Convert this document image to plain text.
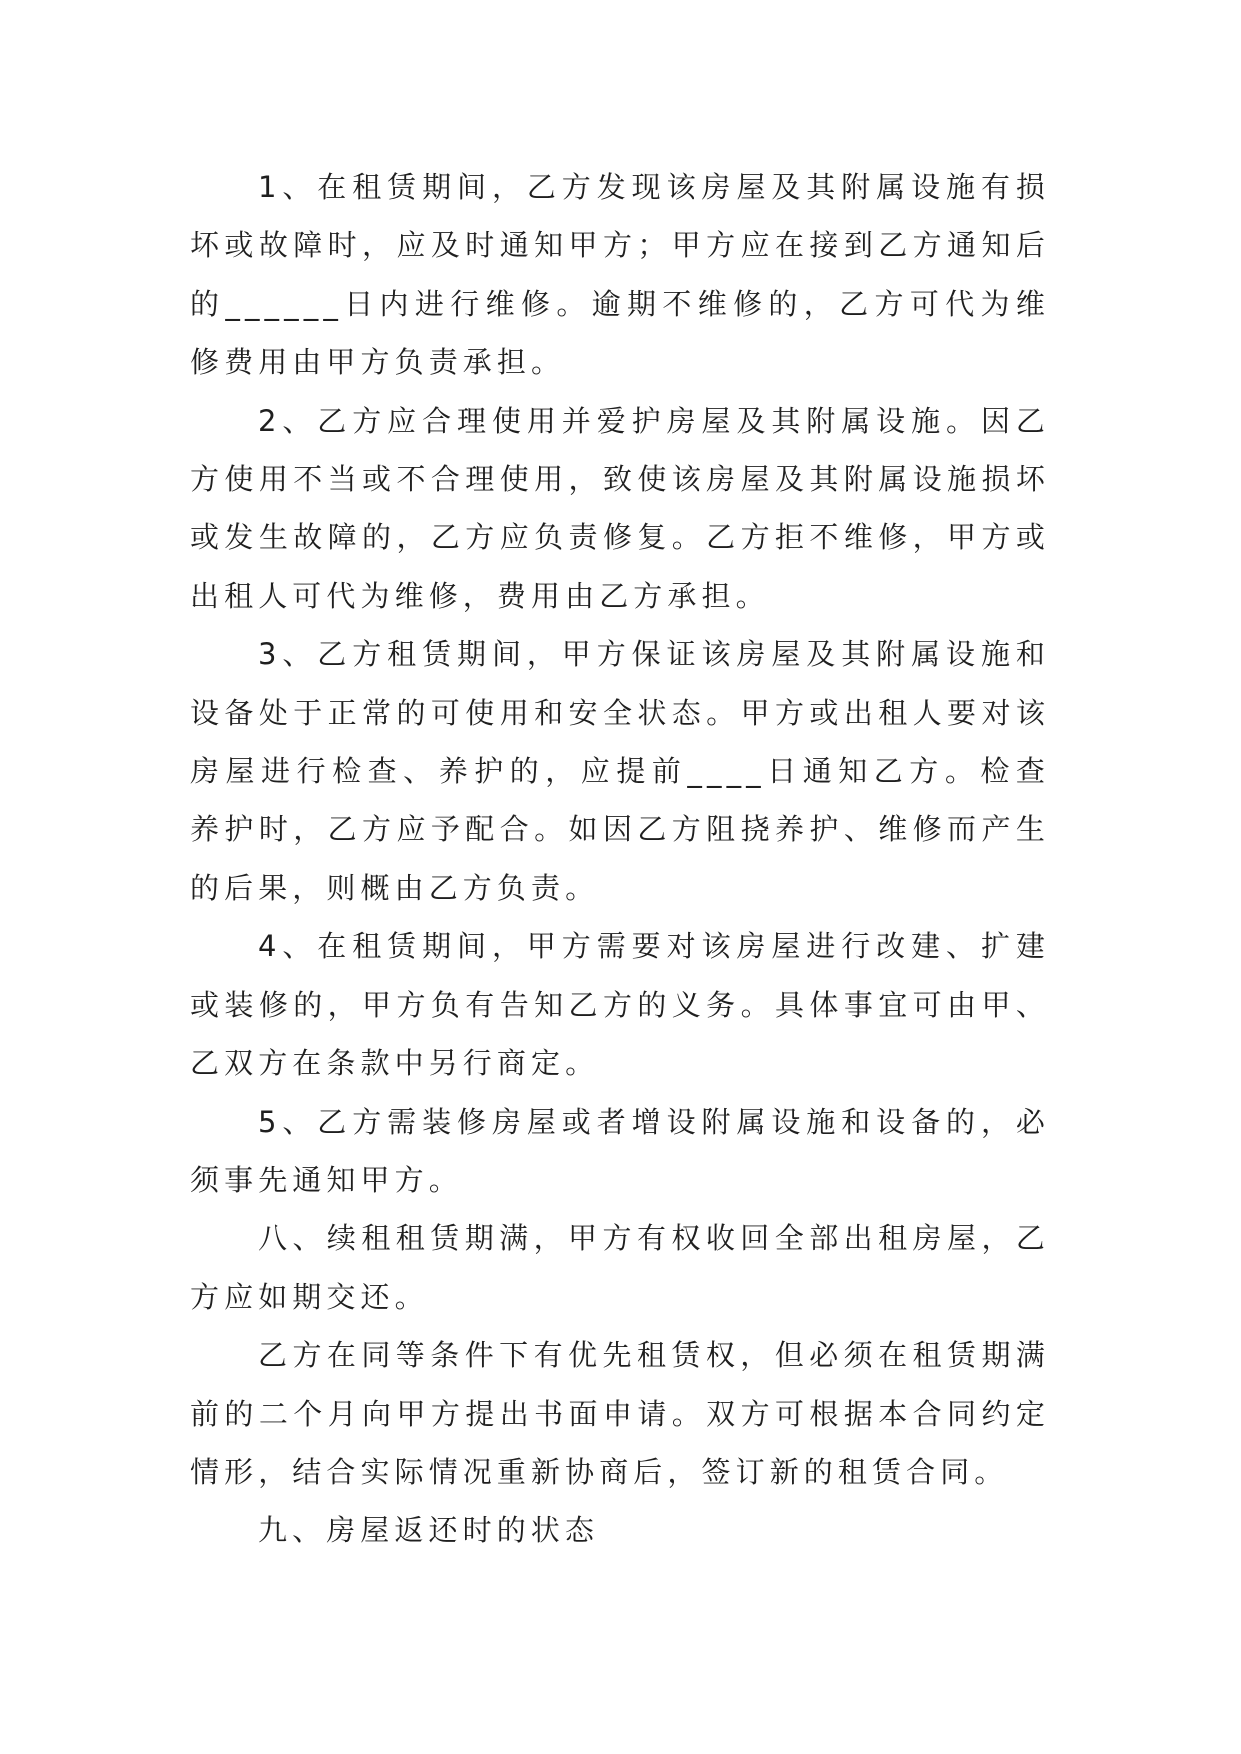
1、在租赁期间，乙方发现该房屋及其附属设施有损坏或故障时，应及时通知甲方；甲方应在接到乙方通知后的______日内进行维修。逾期不维修的，乙方可代为维修费用由甲方负责承担。

2、乙方应合理使用并爱护房屋及其附属设施。因乙方使用不当或不合理使用，致使该房屋及其附属设施损坏或发生故障的，乙方应负责修复。乙方拒不维修，甲方或出租人可代为维修，费用由乙方承担。

3、乙方租赁期间，甲方保证该房屋及其附属设施和设备处于正常的可使用和安全状态。甲方或出租人要对该房屋进行检查、养护的，应提前____日通知乙方。检查养护时，乙方应予配合。如因乙方阻挠养护、维修而产生的后果，则概由乙方负责。

4、在租赁期间，甲方需要对该房屋进行改建、扩建或装修的，甲方负有告知乙方的义务。具体事宜可由甲、乙双方在条款中另行商定。

5、乙方需装修房屋或者增设附属设施和设备的，必须事先通知甲方。

八、续租租赁期满，甲方有权收回全部出租房屋，乙方应如期交还。

乙方在同等条件下有优先租赁权，但必须在租赁期满前的二个月向甲方提出书面申请。双方可根据本合同约定情形，结合实际情况重新协商后，签订新的租赁合同。

九、房屋返还时的状态
